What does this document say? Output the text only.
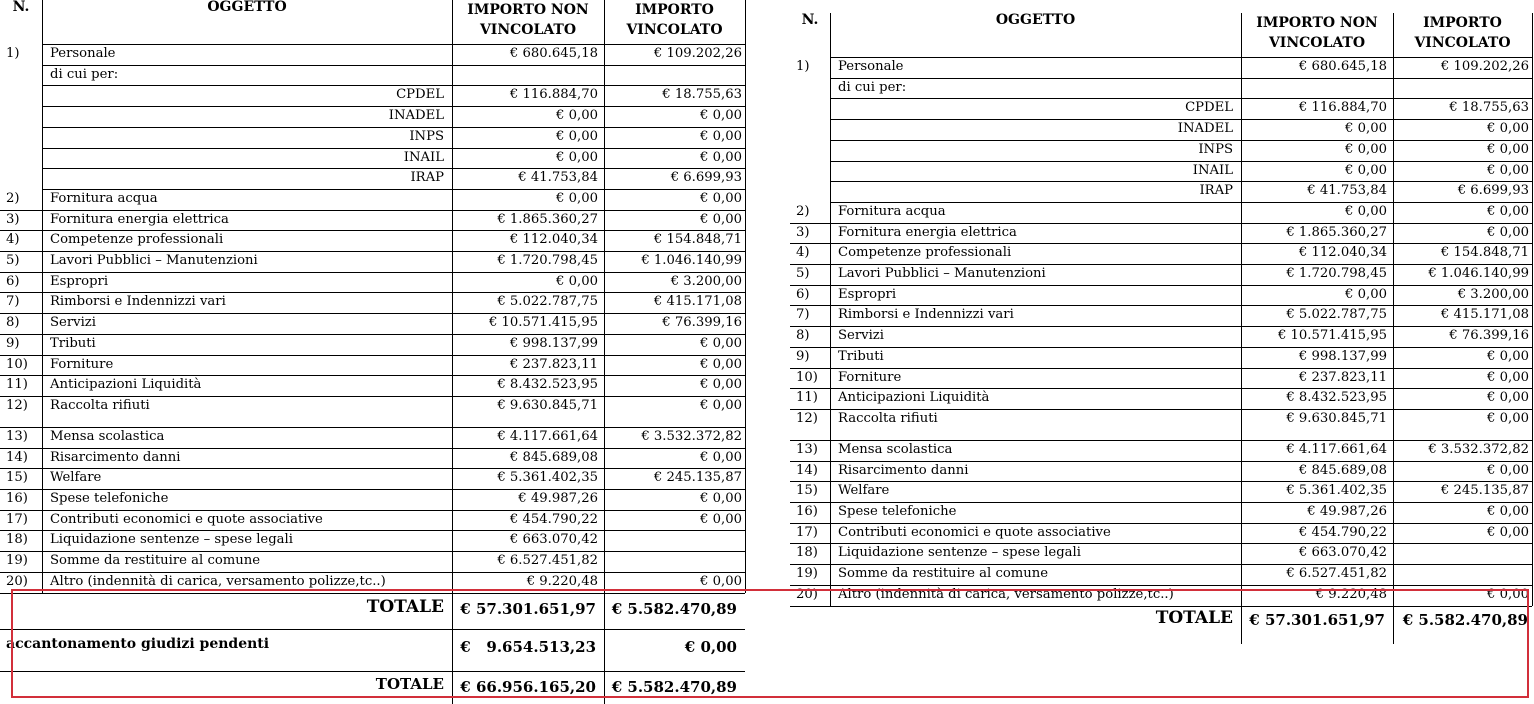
N.	OGGETTO	IMPORTO NON
VINCOLATO
IMPORTO
VINCOLATO
1) Personale	€ 680.645,18	€ 109.202,26
di cui per:
CPDEL	€ 116.884,70	€ 18.755,63
INADEL	€ 0,00	€ 0,00
INPS	€ 0,00	€ 0,00
INAIL	€ 0,00	€ 0,00
IRAP	€ 41.753,84	€ 6.699,93
2) Fornitura acqua	€ 0,00	€ 0,00
3) Fornitura energia elettrica	€ 1.865.360,27	€ 0,00
4) Competenze professionali	€ 112.040,34	€ 154.848,71
5) Lavori Pubblici – Manutenzioni	€ 1.720.798,45	€ 1.046.140,99
6) Espropri	€ 0,00	€ 3.200,00
7) Rimborsi e Indennizzi vari	€ 5.022.787,75	€ 415.171,08
8) Servizi	€ 10.571.415,95	€ 76.399,16
9) Tributi	€ 998.137,99	€ 0,00
10) Forniture	€ 237.823,11	€ 0,00
11) Anticipazioni Liquidità	€ 8.432.523,95	€ 0,00
12) Raccolta rifiuti	€ 9.630.845,71	€ 0,00
13) Mensa scolastica	€ 4.117.661,64	€ 3.532.372,82
14) Risarcimento danni	€ 845.689,08	€ 0,00
15) Welfare	€ 5.361.402,35	€ 245.135,87
16) Spese telefoniche	€ 49.987,26	€ 0,00
17) Contributi economici e quote associative	€ 454.790,22	€ 0,00
18) Liquidazione sentenze – spese legali	€ 663.070,42
19) Somme da restituire al comune	€ 6.527.451,82
20) Altro (indennità di carica, versamento polizze,tc..)	€ 9.220,48	€ 0,00
TOTALE	€ 57.301.651,97	€ 5.582.470,89
accantonamento giudizi pendenti	€   9.654.513,23	€ 0,00
TOTALE	€ 66.956.165,20	€ 5.582.470,89
N.	OGGETTO	IMPORTO NON
VINCOLATO
IMPORTO
VINCOLATO
1) Personale	€ 680.645,18	€ 109.202,26
di cui per:
CPDEL	€ 116.884,70	€ 18.755,63
INADEL	€ 0,00	€ 0,00
INPS	€ 0,00	€ 0,00
INAIL	€ 0,00	€ 0,00
IRAP	€ 41.753,84	€ 6.699,93
2) Fornitura acqua	€ 0,00	€ 0,00
3) Fornitura energia elettrica	€ 1.865.360,27	€ 0,00
4) Competenze professionali	€ 112.040,34	€ 154.848,71
5) Lavori Pubblici – Manutenzioni	€ 1.720.798,45	€ 1.046.140,99
6) Espropri	€ 0,00	€ 3.200,00
7) Rimborsi e Indennizzi vari	€ 5.022.787,75	€ 415.171,08
8) Servizi	€ 10.571.415,95	€ 76.399,16
9) Tributi	€ 998.137,99	€ 0,00
10) Forniture	€ 237.823,11	€ 0,00
11) Anticipazioni Liquidità	€ 8.432.523,95	€ 0,00
12) Raccolta rifiuti	€ 9.630.845,71	€ 0,00
13) Mensa scolastica	€ 4.117.661,64	€ 3.532.372,82
14) Risarcimento danni	€ 845.689,08	€ 0,00
15) Welfare	€ 5.361.402,35	€ 245.135,87
16) Spese telefoniche	€ 49.987,26	€ 0,00
17) Contributi economici e quote associative	€ 454.790,22	€ 0,00
18) Liquidazione sentenze – spese legali	€ 663.070,42
19) Somme da restituire al comune	€ 6.527.451,82
20) Altro (indennità di carica, versamento polizze,tc..)	€ 9.220,48	€ 0,00
TOTALE	€ 57.301.651,97	€ 5.582.470,89
